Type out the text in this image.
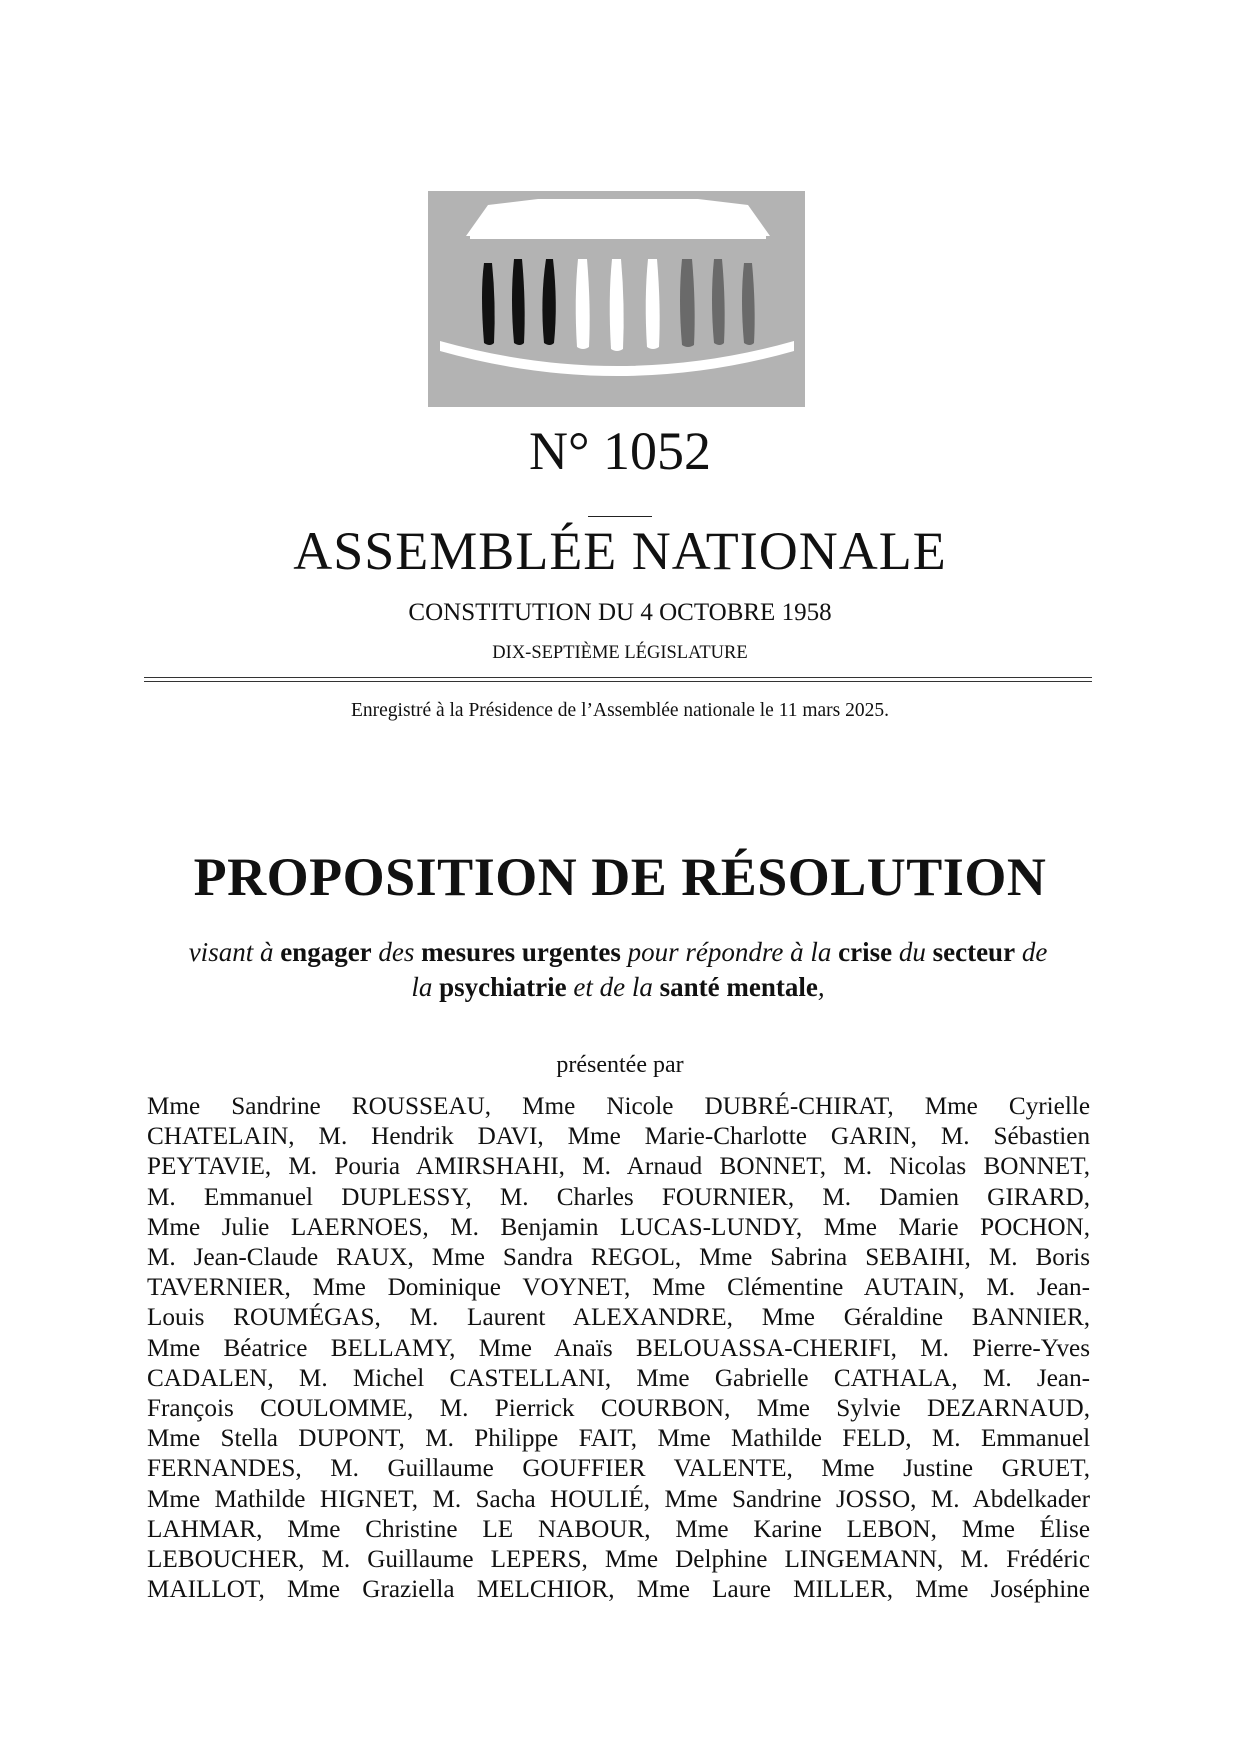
N° 1052
ASSEMBLÉE NATIONALE
CONSTITUTION DU 4 OCTOBRE 1958
DIX-SEPTIÈME LÉGISLATURE
Enregistré à la Présidence de l’Assemblée nationale le 11 mars 2025.
PROPOSITION DE RÉSOLUTION
visant à engager des mesures urgentes pour répondre à la crise du secteur de
la psychiatrie et de la santé mentale,
présentée par
Mme Sandrine ROUSSEAU, Mme Nicole DUBRÉ-CHIRAT, Mme Cyrielle
CHATELAIN, M. Hendrik DAVI, Mme Marie-Charlotte GARIN, M. Sébastien
PEYTAVIE, M. Pouria AMIRSHAHI, M. Arnaud BONNET, M. Nicolas BONNET,
M. Emmanuel DUPLESSY, M. Charles FOURNIER, M. Damien GIRARD,
Mme Julie LAERNOES, M. Benjamin LUCAS-LUNDY, Mme Marie POCHON,
M. Jean-Claude RAUX, Mme Sandra REGOL, Mme Sabrina SEBAIHI, M. Boris
TAVERNIER, Mme Dominique VOYNET, Mme Clémentine AUTAIN, M. Jean-
Louis ROUMÉGAS, M. Laurent ALEXANDRE, Mme Géraldine BANNIER,
Mme Béatrice BELLAMY, Mme Anaïs BELOUASSA-CHERIFI, M. Pierre-Yves
CADALEN, M. Michel CASTELLANI, Mme Gabrielle CATHALA, M. Jean-
François COULOMME, M. Pierrick COURBON, Mme Sylvie DEZARNAUD,
Mme Stella DUPONT, M. Philippe FAIT, Mme Mathilde FELD, M. Emmanuel
FERNANDES, M. Guillaume GOUFFIER VALENTE, Mme Justine GRUET,
Mme Mathilde HIGNET, M. Sacha HOULIÉ, Mme Sandrine JOSSO, M. Abdelkader
LAHMAR, Mme Christine LE NABOUR, Mme Karine LEBON, Mme Élise
LEBOUCHER, M. Guillaume LEPERS, Mme Delphine LINGEMANN, M. Frédéric
MAILLOT, Mme Graziella MELCHIOR, Mme Laure MILLER, Mme Joséphine
